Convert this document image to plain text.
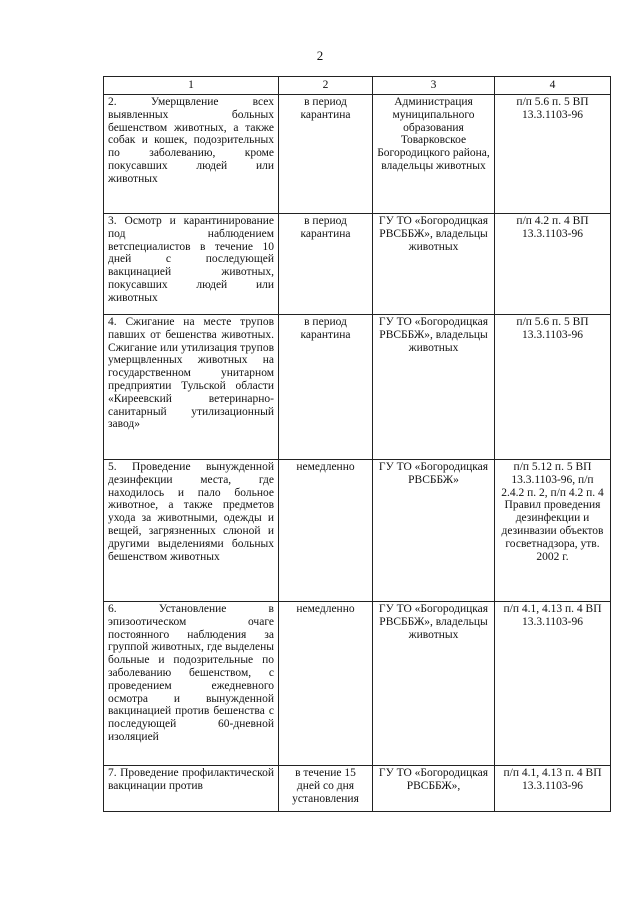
2
1	2	3	4
2. Умерщвление всех выявленных больных бешенством животных, а также собак и кошек, подозрительных по заболеванию, кроме покусавших людей или животных	в период карантина	Администрация муниципального образования Товарковское Богородицкого района, владельцы животных	п/п 5.6 п. 5 ВП 13.3.1103-96
3. Осмотр и карантинирование под наблюдением ветспециалистов в течение 10 дней с последующей вакцинацией животных, покусавших людей или животных	в период карантина	ГУ ТО «Богородицкая РВСББЖ», владельцы животных	п/п 4.2 п. 4 ВП 13.3.1103-96
4. Сжигание на месте трупов павших от бешенства животных. Сжигание или утилизация трупов умерщвленных животных на государственном унитарном предприятии Тульской области «Киреевский ветеринарно-санитарный утилизационный завод»	в период карантина	ГУ ТО «Богородицкая РВСББЖ», владельцы животных	п/п 5.6 п. 5 ВП 13.3.1103-96
5. Проведение вынужденной дезинфекции места, где находилось и пало больное животное, а также предметов ухода за животными, одежды и вещей, загрязненных слюной и другими выделениями больных бешенством животных	немедленно	ГУ ТО «Богородицкая РВСББЖ»	п/п 5.12 п. 5 ВП 13.3.1103-96, п/п 2.4.2 п. 2, п/п 4.2 п. 4 Правил проведения дезинфекции и дезинвазии объектов госветнадзора, утв. 2002 г.
6. Установление в эпизоотическом очаге постоянного наблюдения за группой животных, где выделены больные и подозрительные по заболеванию бешенством, с проведением ежедневного осмотра и вынужденной вакцинацией против бешенства с последующей 60-дневной изоляцией	немедленно	ГУ ТО «Богородицкая РВСББЖ», владельцы животных	п/п 4.1, 4.13 п. 4 ВП 13.3.1103-96
7. Проведение профилактической вакцинации против	в течение 15 дней со дня установления	ГУ ТО «Богородицкая РВСББЖ»,	п/п 4.1, 4.13 п. 4 ВП 13.3.1103-96
